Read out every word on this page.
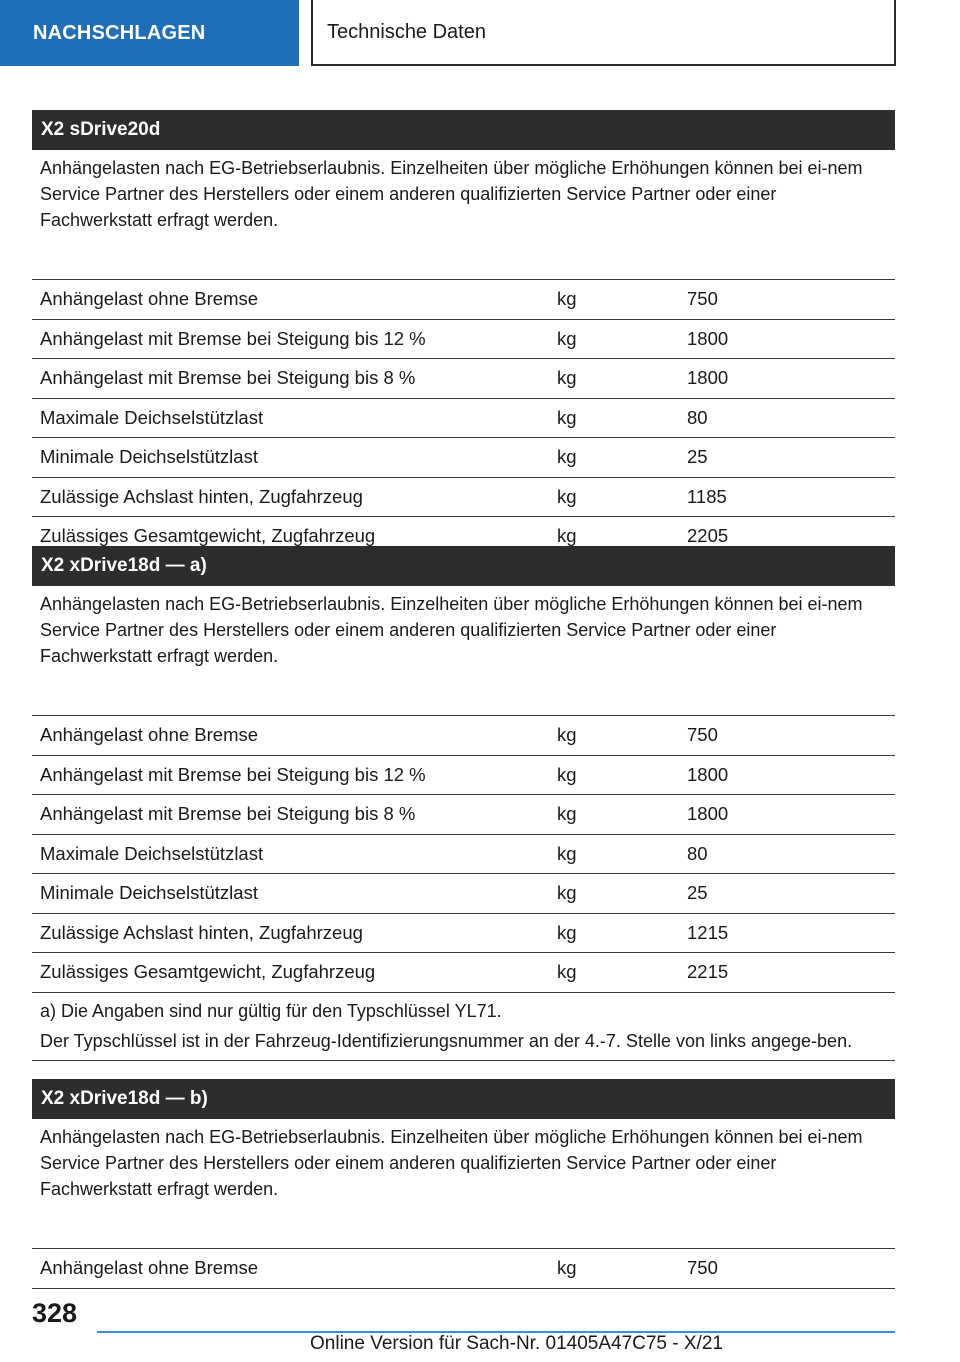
NACHSCHLAGEN	Technische Daten
X2 sDrive20d
Anhängelasten nach EG-Betriebserlaubnis. Einzelheiten über mögliche Erhöhungen können bei ei-nem Service Partner des Herstellers oder einem anderen qualifizierten Service Partner oder einer Fachwerkstatt erfragt werden.
Anhängelast ohne Bremse	kg	750
Anhängelast mit Bremse bei Steigung bis 12 %	kg	1800
Anhängelast mit Bremse bei Steigung bis 8 %	kg	1800
Maximale Deichselstützlast	kg	80
Minimale Deichselstützlast	kg	25
Zulässige Achslast hinten, Zugfahrzeug	kg	1185
Zulässiges Gesamtgewicht, Zugfahrzeug	kg	2205
X2 xDrive18d — a)
Anhängelasten nach EG-Betriebserlaubnis. Einzelheiten über mögliche Erhöhungen können bei ei-nem Service Partner des Herstellers oder einem anderen qualifizierten Service Partner oder einer Fachwerkstatt erfragt werden.
Anhängelast ohne Bremse	kg	750
Anhängelast mit Bremse bei Steigung bis 12 %	kg	1800
Anhängelast mit Bremse bei Steigung bis 8 %	kg	1800
Maximale Deichselstützlast	kg	80
Minimale Deichselstützlast	kg	25
Zulässige Achslast hinten, Zugfahrzeug	kg	1215
Zulässiges Gesamtgewicht, Zugfahrzeug	kg	2215

a) Die Angaben sind nur gültig für den Typschlüssel YL71.

Der Typschlüssel ist in der Fahrzeug-Identifizierungsnummer an der 4.-7. Stelle von links angege-ben.

X2 xDrive18d — b)
Anhängelasten nach EG-Betriebserlaubnis. Einzelheiten über mögliche Erhöhungen können bei ei-nem Service Partner des Herstellers oder einem anderen qualifizierten Service Partner oder einer Fachwerkstatt erfragt werden.
Anhängelast ohne Bremse	kg	750
328
Online Version für Sach-Nr. 01405A47C75 - X/21
